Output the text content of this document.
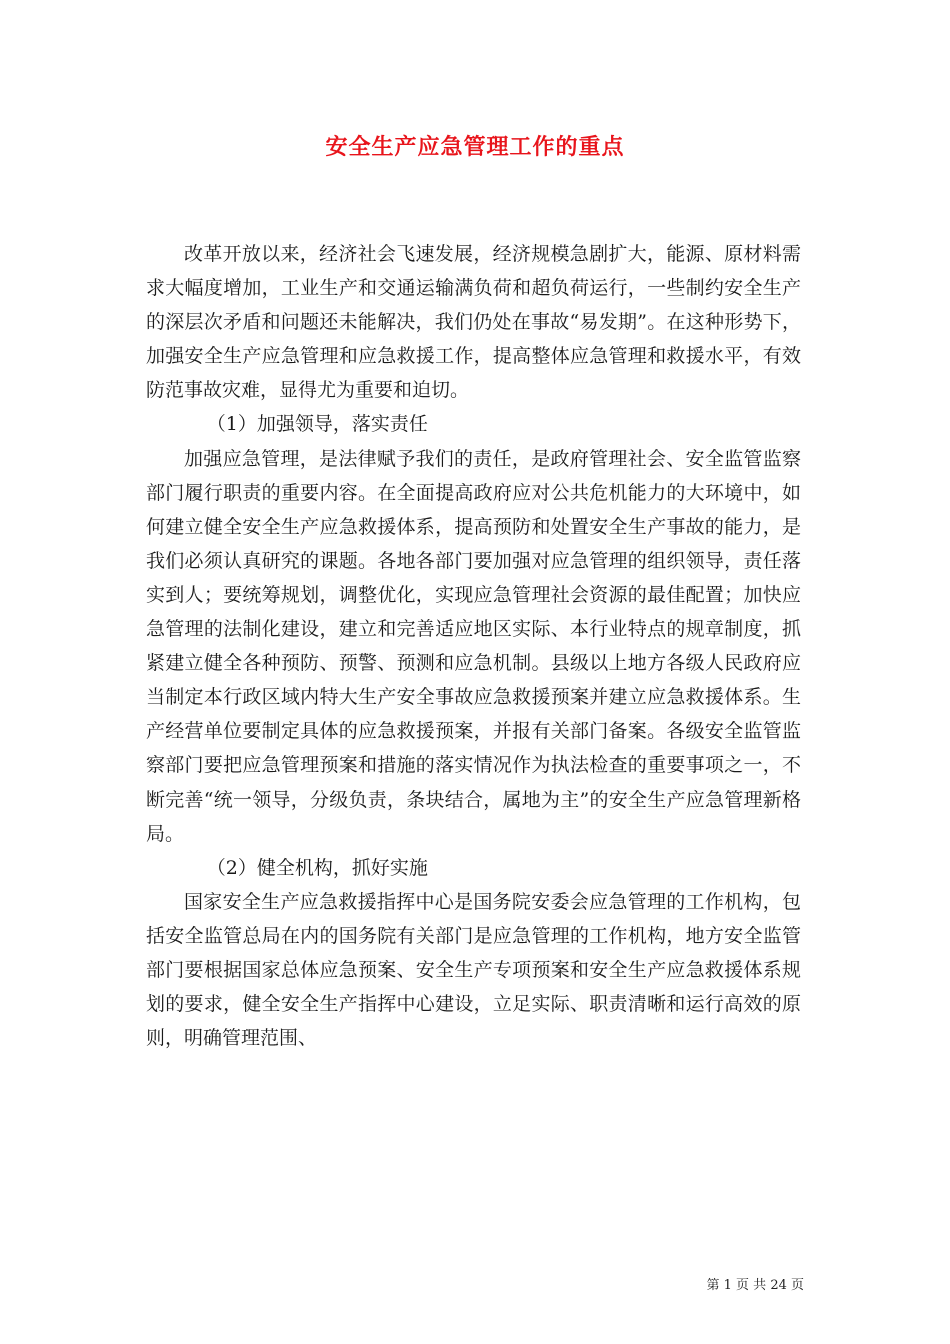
安全生产应急管理工作的重点

改革开放以来，经济社会飞速发展，经济规模急剧扩大，能源、原材料需求大幅度增加，工业生产和交通运输满负荷和超负荷运行，一些制约安全生产的深层次矛盾和问题还未能解决，我们仍处在事故“易发期”。在这种形势下，加强安全生产应急管理和应急救援工作，提高整体应急管理和救援水平，有效防范事故灾难，显得尤为重要和迫切。

（1）加强领导，落实责任

加强应急管理，是法律赋予我们的责任，是政府管理社会、安全监管监察部门履行职责的重要内容。在全面提高政府应对公共危机能力的大环境中，如何建立健全安全生产应急救援体系，提高预防和处置安全生产事故的能力，是我们必须认真研究的课题。各地各部门要加强对应急管理的组织领导，责任落实到人；要统筹规划，调整优化，实现应急管理社会资源的最佳配置；加快应急管理的法制化建设，建立和完善适应地区实际、本行业特点的规章制度，抓紧建立健全各种预防、预警、预测和应急机制。县级以上地方各级人民政府应当制定本行政区域内特大生产安全事故应急救援预案并建立应急救援体系。生产经营单位要制定具体的应急救援预案，并报有关部门备案。各级安全监管监察部门要把应急管理预案和措施的落实情况作为执法检查的重要事项之一，不断完善“统一领导，分级负责，条块结合，属地为主”的安全生产应急管理新格局。

（2）健全机构，抓好实施

国家安全生产应急救援指挥中心是国务院安委会应急管理的工作机构，包括安全监管总局在内的国务院有关部门是应急管理的工作机构，地方安全监管部门要根据国家总体应急预案、安全生产专项预案和安全生产应急救援体系规划的要求，健全安全生产指挥中心建设，立足实际、职责清晰和运行高效的原则，明确管理范围、

第 1 页 共 24 页
